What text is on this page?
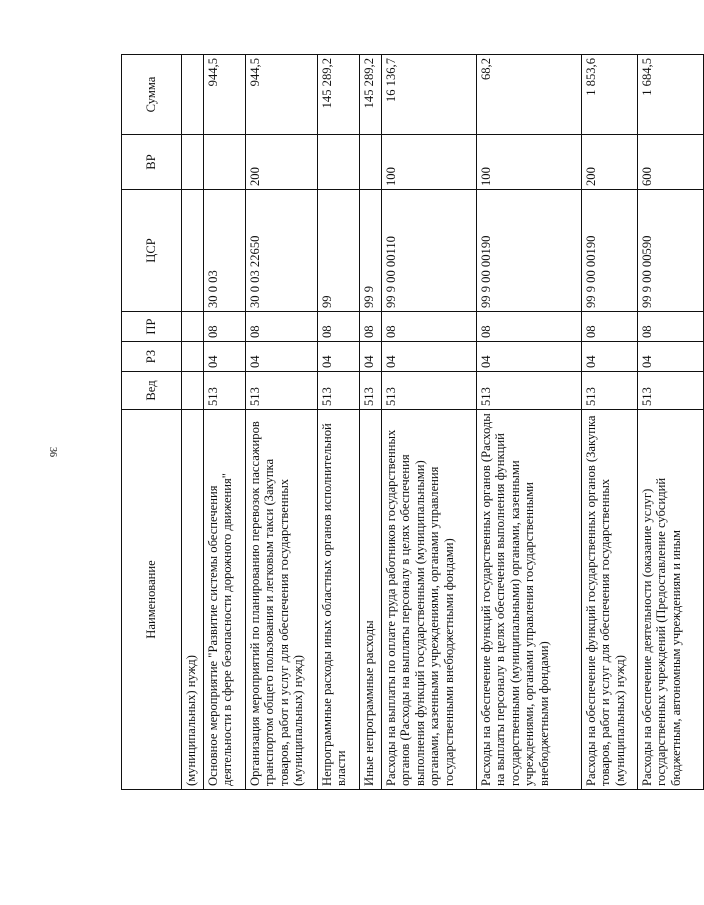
36
Наименование	Вед	РЗ	ПР	ЦСР	ВР	Сумма
(муниципальных) нужд)						
Основное мероприятие "Развитие системы обеспечения деятельности в сфере безопасности дорожного движения"	513	04	08	30 0 03		944,5
Организация мероприятий по планированию перевозок пассажиров транспортом общего пользования и легковым такси (Закупка товаров, работ и услуг для обеспечения государственных (муниципальных) нужд)	513	04	08	30 0 03 22650	200	944,5
Непрограммные расходы иных областных органов исполнительной власти	513	04	08	99		145 289,2
Иные непрограммные расходы	513	04	08	99 9		145 289,2
Расходы на выплаты по оплате труда работников государственных органов (Расходы на выплаты персоналу в целях обеспечения выполнения функций государственными (муниципальными) органами, казенными учреждениями, органами управления государственными внебюджетными фондами)	513	04	08	99 9 00 00110	100	16 136,7
Расходы на обеспечение функций государственных органов (Расходы на выплаты персоналу в целях обеспечения выполнения функций государственными (муниципальными) органами, казенными учреждениями, органами управления государственными внебюджетными фондами)	513	04	08	99 9 00 00190	100	68,2
Расходы на обеспечение функций государственных органов (Закупка товаров, работ и услуг для обеспечения государственных (муниципальных) нужд)	513	04	08	99 9 00 00190	200	1 853,6
Расходы на обеспечение деятельности (оказание услуг) государственных учреждений (Предоставление субсидий бюджетным, автономным учреждениям и иным	513	04	08	99 9 00 00590	600	1 684,5
